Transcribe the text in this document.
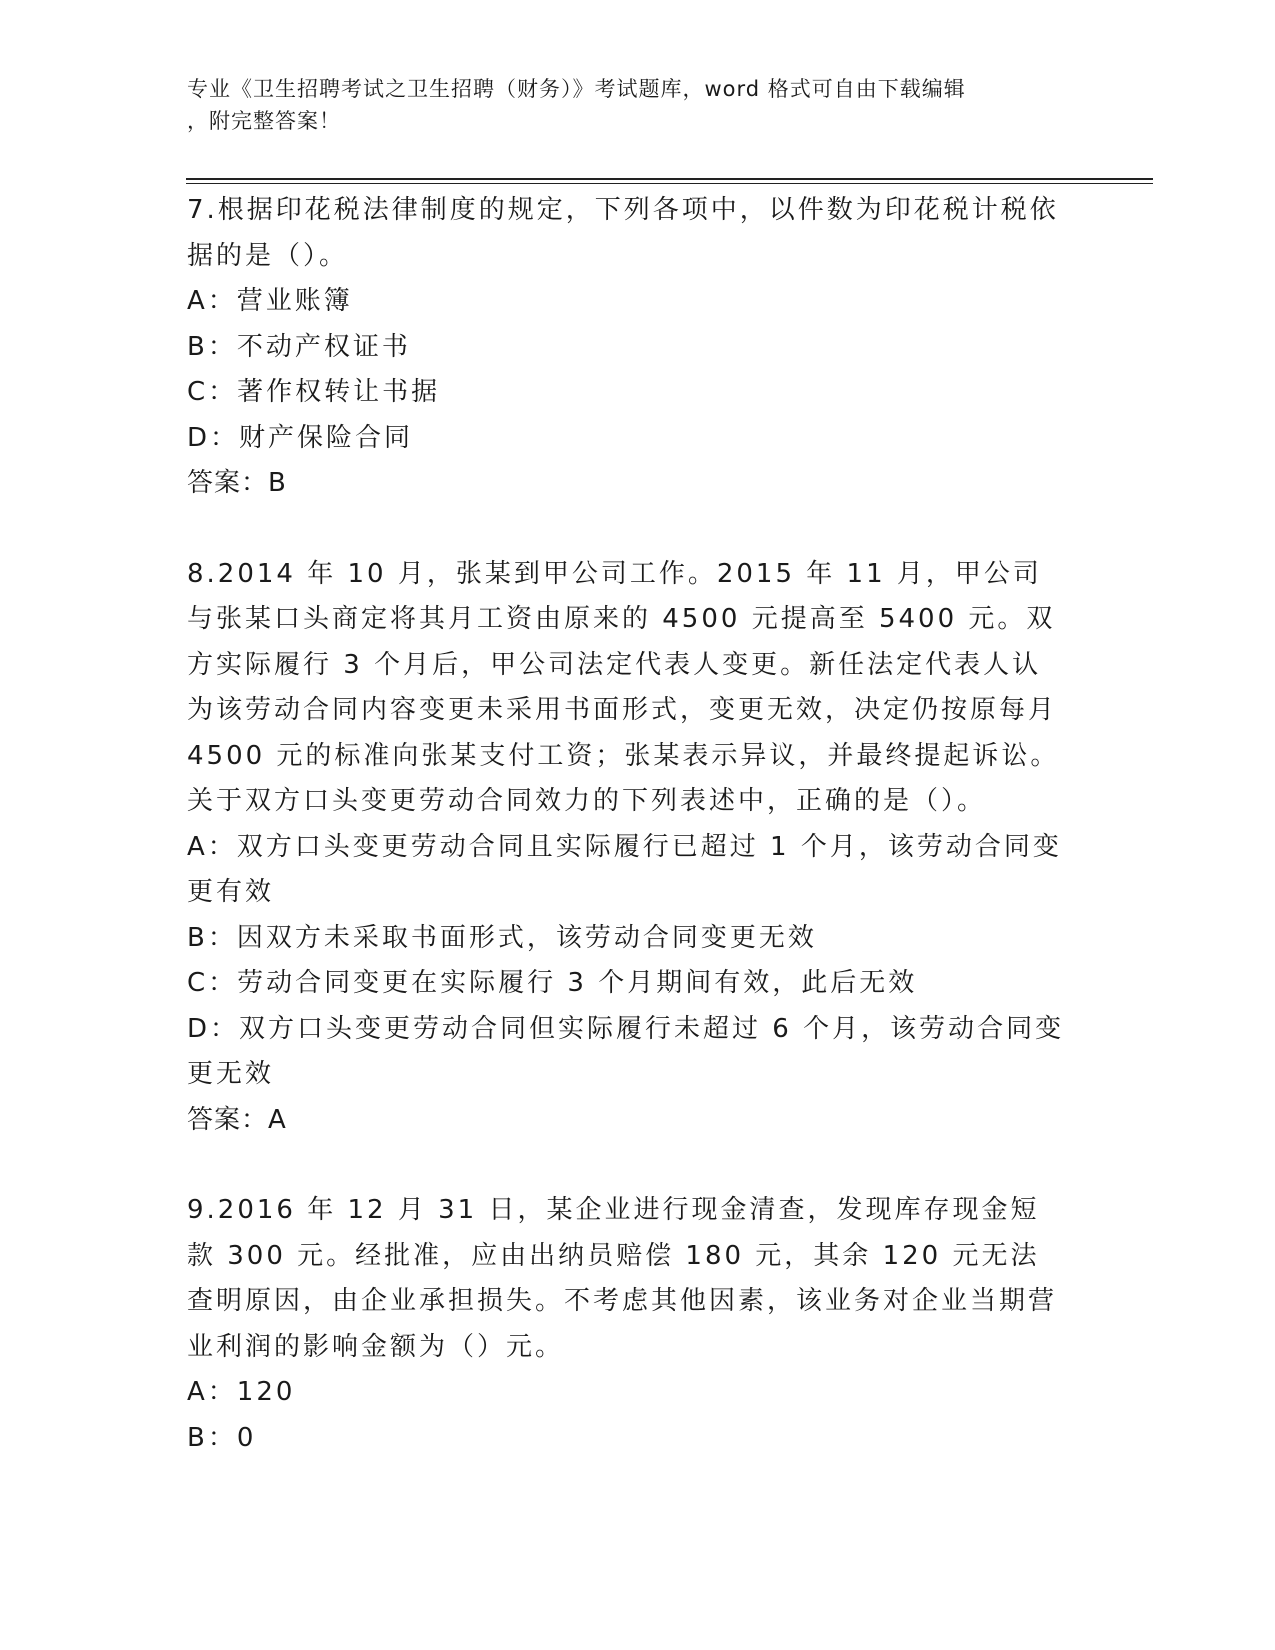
专业《卫生招聘考试之卫生招聘（财务）》考试题库，word 格式可自由下载编辑
，附完整答案！

7.根据印花税法律制度的规定，下列各项中，以件数为印花税计税依据的是（）。

A：营业账簿

B：不动产权证书

C：著作权转让书据

D：财产保险合同

答案：B

8.2014 年 10 月，张某到甲公司工作。2015 年 11 月，甲公司与张某口头商定将其月工资由原来的 4500 元提高至 5400 元。双方实际履行 3 个月后，甲公司法定代表人变更。新任法定代表人认为该劳动合同内容变更未采用书面形式，变更无效，决定仍按原每月 4500 元的标准向张某支付工资；张某表示异议，并最终提起诉讼。关于双方口头变更劳动合同效力的下列表述中，正确的是（）。

A：双方口头变更劳动合同且实际履行已超过 1 个月，该劳动合同变更有效

B：因双方未采取书面形式，该劳动合同变更无效

C：劳动合同变更在实际履行 3 个月期间有效，此后无效

D：双方口头变更劳动合同但实际履行未超过 6 个月，该劳动合同变更无效

答案：A

9.2016 年 12 月 31 日，某企业进行现金清查，发现库存现金短款 300 元。经批准，应由出纳员赔偿 180 元，其余 120 元无法查明原因，由企业承担损失。不考虑其他因素，该业务对企业当期营业利润的影响金额为（）元。

A：120

B：0
